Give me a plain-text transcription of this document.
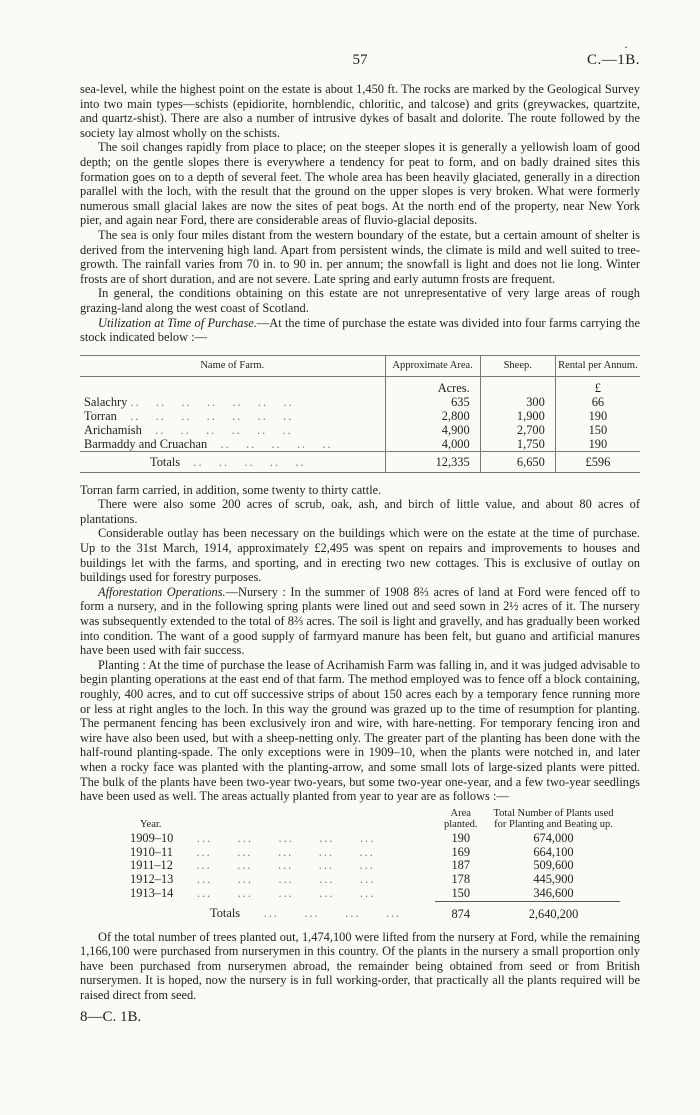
·
57	C.—1B.

sea-level, while the highest point on the estate is about 1,450 ft. The rocks are marked by the Geological Survey into two main types—schists (epidiorite, hornblendic, chloritic, and talcose) and grits (greywackes, quartzite, and quartz-shist). There are also a number of intrusive dykes of basalt and dolorite. The route followed by the society lay almost wholly on the schists.

The soil changes rapidly from place to place; on the steeper slopes it is generally a yellowish loam of good depth; on the gentle slopes there is everywhere a tendency for peat to form, and on badly drained sites this formation goes on to a depth of several feet. The whole area has been heavily glaciated, generally in a direction parallel with the loch, with the result that the ground on the upper slopes is very broken. What were formerly numerous small glacial lakes are now the sites of peat bogs. At the north end of the property, near New York pier, and again near Ford, there are considerable areas of fluvio-glacial deposits.

The sea is only four miles distant from the western boundary of the estate, but a certain amount of shelter is derived from the intervening high land. Apart from persistent winds, the climate is mild and well suited to tree-growth. The rainfall varies from 70 in. to 90 in. per annum; the snowfall is light and does not lie long. Winter frosts are of short duration, and are not severe. Late spring and early autumn frosts are frequent.

In general, the conditions obtaining on this estate are not unrepresentative of very large areas of rough grazing-land along the west coast of Scotland.

Utilization at Time of Purchase.—At the time of purchase the estate was divided into four farms carrying the stock indicated below :—

Name of Farm.	Approximate Area.	Sheep.	Rental per Annum.
	Acres.		£
Salachry ..   ..   ..   ..   ..   ..   ..	635	300	66
Torran   ..   ..   ..   ..   ..   ..   ..	2,800	1,900	190
Arichamish   ..   ..   ..   ..   ..   ..	4,900	2,700	150
Barmaddy and Cruachan   ..   ..   ..   ..   ..	4,000	1,750	190
Totals   ..   ..   ..   ..   ..	12,335	6,650	£596

Torran farm carried, in addition, some twenty to thirty cattle.

There were also some 200 acres of scrub, oak, ash, and birch of little value, and about 80 acres of plantations.

Considerable outlay has been necessary on the buildings which were on the estate at the time of purchase. Up to the 31st March, 1914, approximately £2,495 was spent on repairs and improvements to houses and buildings let with the farms, and sporting, and in erecting two new cottages. This is exclusive of outlay on buildings used for forestry purposes.

Afforestation Operations.—Nursery : In the summer of 1908 8⅔ acres of land at Ford were fenced off to form a nursery, and in the following spring plants were lined out and seed sown in 2½ acres of it. The nursery was subsequently extended to the total of 8⅔ acres. The soil is light and gravelly, and has gradually been worked into condition. The want of a good supply of farmyard manure has been felt, but guano and artificial manures have been used with fair success.

Planting : At the time of purchase the lease of Acrihamish Farm was falling in, and it was judged advisable to begin planting operations at the east end of that farm. The method employed was to fence off a block containing, roughly, 400 acres, and to cut off successive strips of about 150 acres each by a temporary fence running more or less at right angles to the loch. In this way the ground was grazed up to the time of resumption for planting. The permanent fencing has been exclusively iron and wire, with hare-netting. For temporary fencing iron and wire have also been used, but with a sheep-netting only. The greater part of the planting has been done with the half-round planting-spade. The only exceptions were in 1909–10, when the plants were notched in, and later when a rocky face was planted with the planting-arrow, and some small lots of large-sized plants were pitted. The bulk of the plants have been two-year two-years, but some two-year one-year, and a few two-year seedlings have been used as well. The areas actually planted from year to year are as follows :—

Year.	Area planted.	Total Number of Plants used for Planting and Beating up.
1909–10     ...     ...     ...     ...     ...	190	674,000
1910–11     ...     ...     ...     ...     ...	169	664,100
1911–12     ...     ...     ...     ...     ...	187	509,600
1912–13     ...     ...     ...     ...     ...	178	445,900
1913–14     ...     ...     ...     ...     ...	150	346,600
Totals     ...     ...     ...     ...	874	2,640,200

Of the total number of trees planted out, 1,474,100 were lifted from the nursery at Ford, while the remaining 1,166,100 were purchased from nurserymen in this country. Of the plants in the nursery a small proportion only have been purchased from nurserymen abroad, the remainder being obtained from seed or from British nurserymen. It is hoped, now the nursery is in full working-order, that practically all the plants required will be raised direct from seed.

8—C. 1B.
